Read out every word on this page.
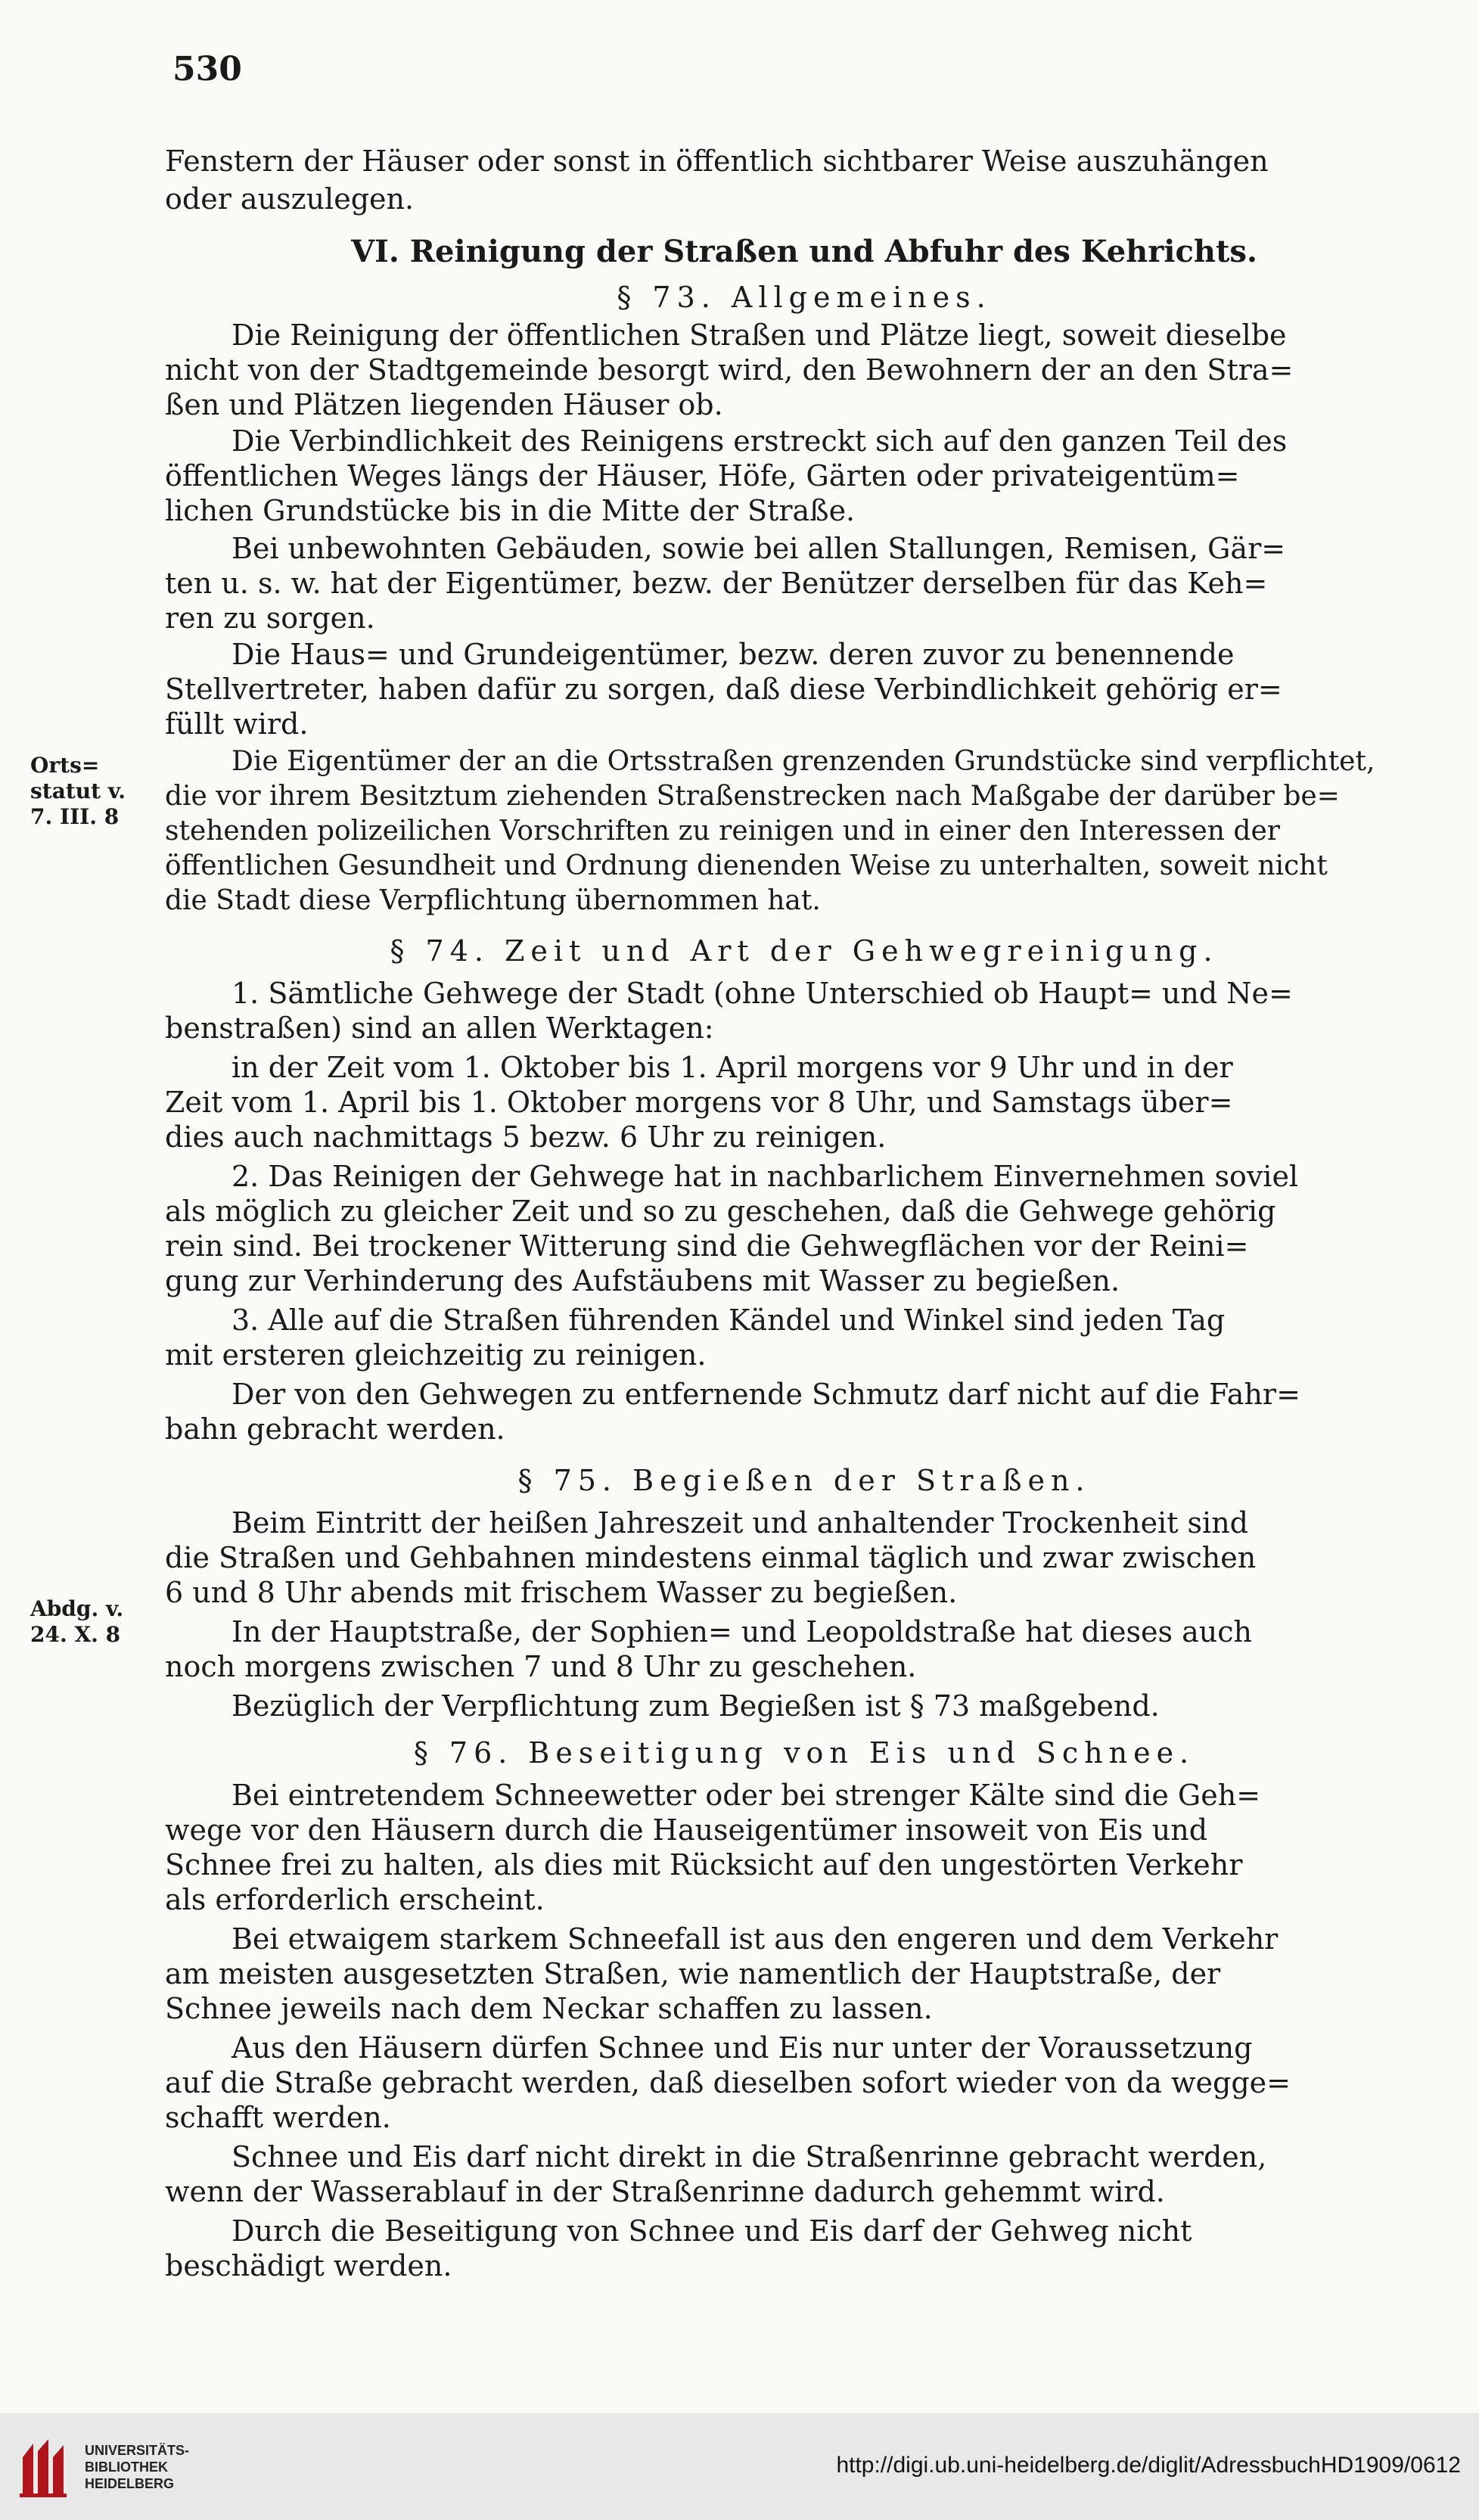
530
Fenstern der Häuser oder sonst in öffentlich sichtbarer Weise auszuhängen
oder auszulegen.
VI. Reinigung der Straßen und Abfuhr des Kehrichts.
§ 73. Allgemeines.
Die Reinigung der öffentlichen Straßen und Plätze liegt, soweit dieselbe
nicht von der Stadtgemeinde besorgt wird, den Bewohnern der an den Stra=
ßen und Plätzen liegenden Häuser ob.
Die Verbindlichkeit des Reinigens erstreckt sich auf den ganzen Teil des
öffentlichen Weges längs der Häuser, Höfe, Gärten oder privateigentüm=
lichen Grundstücke bis in die Mitte der Straße.
Bei unbewohnten Gebäuden, sowie bei allen Stallungen, Remisen, Gär=
ten u. s. w. hat der Eigentümer, bezw. der Benützer derselben für das Keh=
ren zu sorgen.
Die Haus= und Grundeigentümer, bezw. deren zuvor zu benennende
Stellvertreter, haben dafür zu sorgen, daß diese Verbindlichkeit gehörig er=
füllt wird.
Orts=
statut v.
7. III. 8
Die Eigentümer der an die Ortsstraßen grenzenden Grundstücke sind verpflichtet,
die vor ihrem Besitztum ziehenden Straßenstrecken nach Maßgabe der darüber be=
stehenden polizeilichen Vorschriften zu reinigen und in einer den Interessen der
öffentlichen Gesundheit und Ordnung dienenden Weise zu unterhalten, soweit nicht
die Stadt diese Verpflichtung übernommen hat.
§ 74. Zeit und Art der Gehwegreinigung.
1. Sämtliche Gehwege der Stadt (ohne Unterschied ob Haupt= und Ne=
benstraßen) sind an allen Werktagen:
in der Zeit vom 1. Oktober bis 1. April morgens vor 9 Uhr und in der
Zeit vom 1. April bis 1. Oktober morgens vor 8 Uhr, und Samstags über=
dies auch nachmittags 5 bezw. 6 Uhr zu reinigen.
2. Das Reinigen der Gehwege hat in nachbarlichem Einvernehmen soviel
als möglich zu gleicher Zeit und so zu geschehen, daß die Gehwege gehörig
rein sind. Bei trockener Witterung sind die Gehwegflächen vor der Reini=
gung zur Verhinderung des Aufstäubens mit Wasser zu begießen.
3. Alle auf die Straßen führenden Kändel und Winkel sind jeden Tag
mit ersteren gleichzeitig zu reinigen.
Der von den Gehwegen zu entfernende Schmutz darf nicht auf die Fahr=
bahn gebracht werden.
§ 75. Begießen der Straßen.
Beim Eintritt der heißen Jahreszeit und anhaltender Trockenheit sind
die Straßen und Gehbahnen mindestens einmal täglich und zwar zwischen
Abdg. v.
24. X. 8
6 und 8 Uhr abends mit frischem Wasser zu begießen.
In der Hauptstraße, der Sophien= und Leopoldstraße hat dieses auch
noch morgens zwischen 7 und 8 Uhr zu geschehen.
Bezüglich der Verpflichtung zum Begießen ist § 73 maßgebend.
§ 76. Beseitigung von Eis und Schnee.
Bei eintretendem Schneewetter oder bei strenger Kälte sind die Geh=
wege vor den Häusern durch die Hauseigentümer insoweit von Eis und
Schnee frei zu halten, als dies mit Rücksicht auf den ungestörten Verkehr
als erforderlich erscheint.
Bei etwaigem starkem Schneefall ist aus den engeren und dem Verkehr
am meisten ausgesetzten Straßen, wie namentlich der Hauptstraße, der
Schnee jeweils nach dem Neckar schaffen zu lassen.
Aus den Häusern dürfen Schnee und Eis nur unter der Voraussetzung
auf die Straße gebracht werden, daß dieselben sofort wieder von da wegge=
schafft werden.
Schnee und Eis darf nicht direkt in die Straßenrinne gebracht werden,
wenn der Wasserablauf in der Straßenrinne dadurch gehemmt wird.
Durch die Beseitigung von Schnee und Eis darf der Gehweg nicht
beschädigt werden.
UNIVERSITÄTS-
BIBLIOTHEK
HEIDELBERG
http://digi.ub.uni-heidelberg.de/diglit/AdressbuchHD1909/0612
